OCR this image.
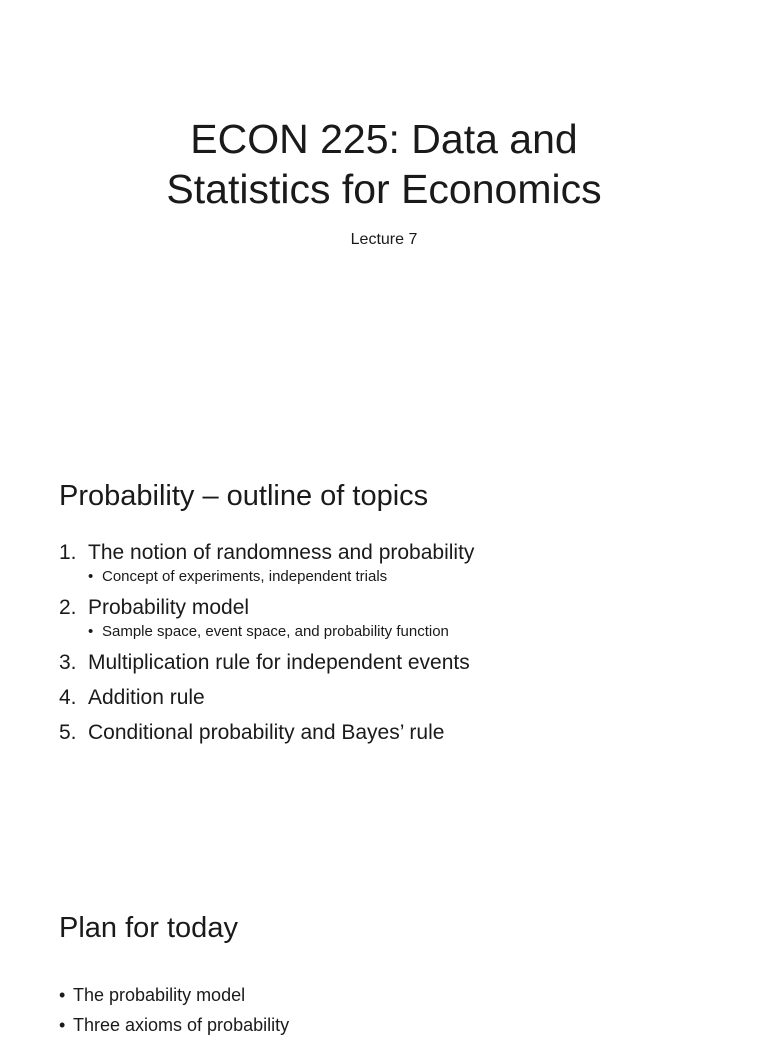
ECON 225: Data and
Statistics for Economics

Lecture 7

Probability – outline of topics
1. The notion of randomness and probability
• Concept of experiments, independent trials
2. Probability model
• Sample space, event space, and probability function
3. Multiplication rule for independent events
4. Addition rule
5. Conditional probability and Bayes’ rule
Plan for today
• The probability model
• Three axioms of probability
